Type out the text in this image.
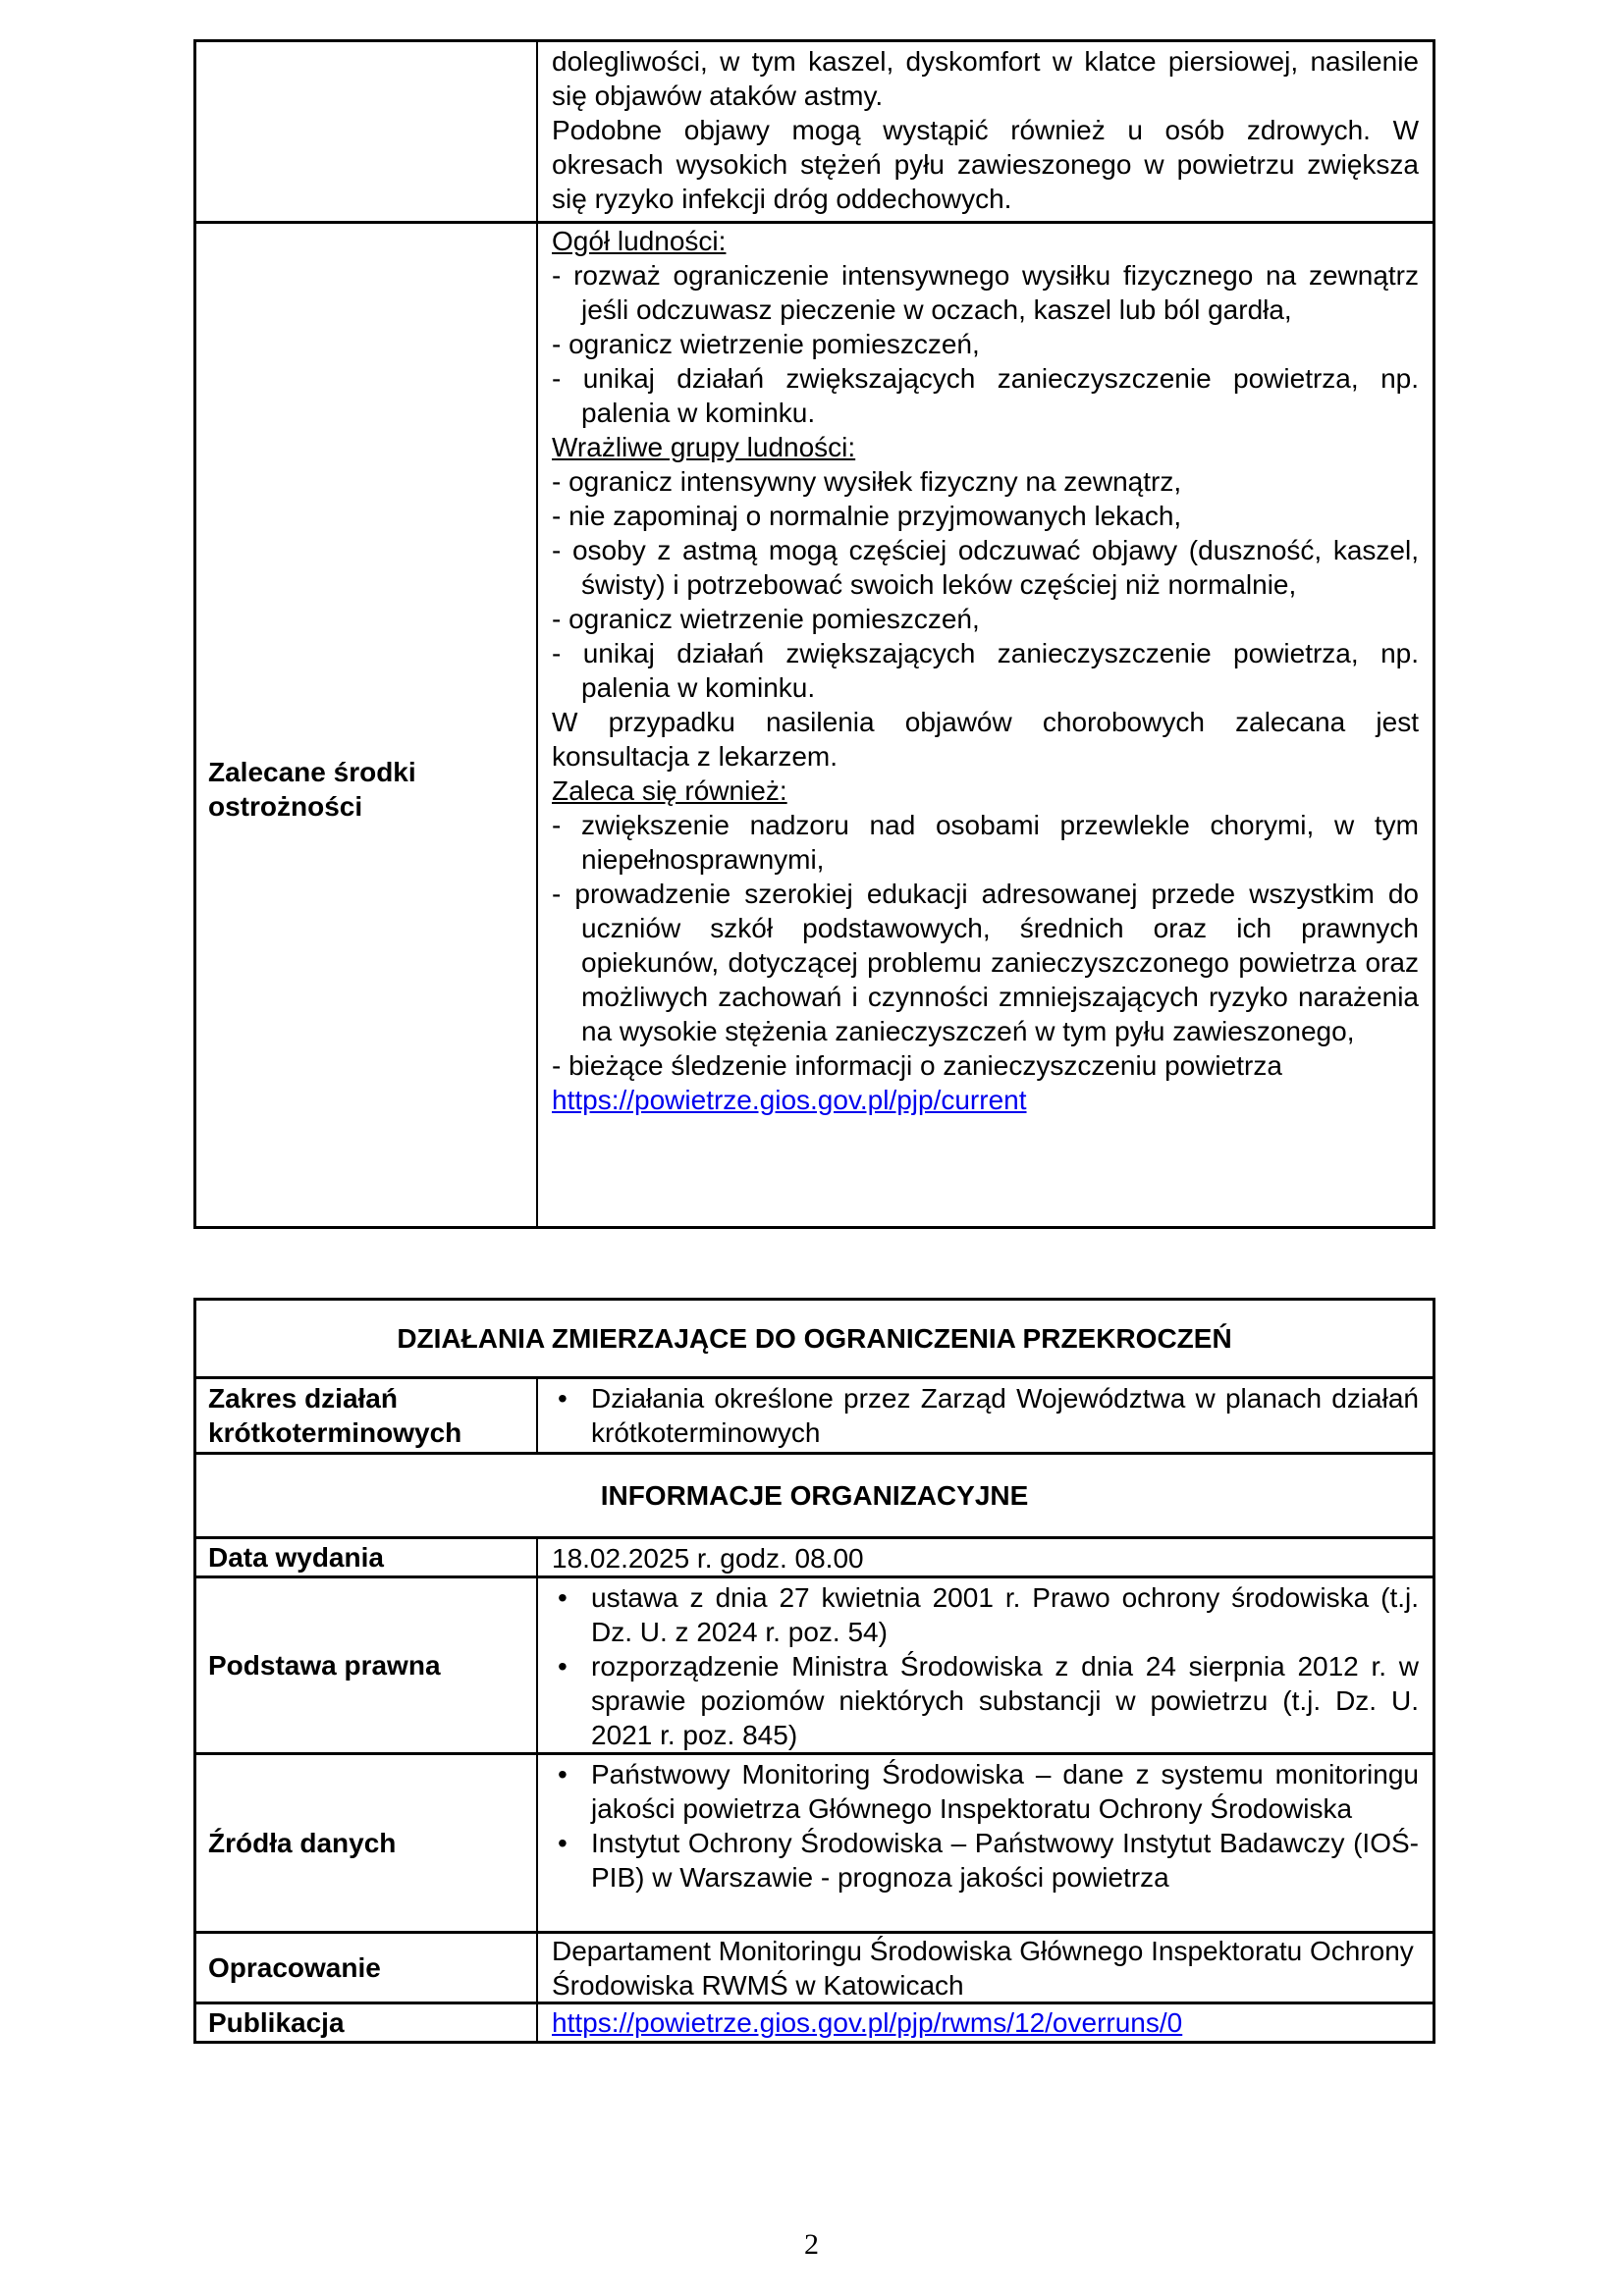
dolegliwości, w tym kaszel, dyskomfort w klatce piersiowej, nasilenie się objawów ataków astmy.

Podobne objawy mogą wystąpić również u osób zdrowych. W okresach wysokich stężeń pyłu zawieszonego w powietrzu zwiększa się ryzyko infekcji dróg oddechowych.

Zalecane środki ostrożności

Ogół ludności:

- rozważ ograniczenie intensywnego wysiłku fizycznego na zewnątrz jeśli odczuwasz pieczenie w oczach, kaszel lub ból gardła,

- ogranicz wietrzenie pomieszczeń,

- unikaj działań zwiększających zanieczyszczenie powietrza, np. palenia w kominku.

Wrażliwe grupy ludności:

- ogranicz intensywny wysiłek fizyczny na zewnątrz,

- nie zapominaj o normalnie przyjmowanych lekach,

- osoby z astmą mogą częściej odczuwać objawy (duszność, kaszel, świsty) i potrzebować swoich leków częściej niż normalnie,

- ogranicz wietrzenie pomieszczeń,

- unikaj działań zwiększających zanieczyszczenie powietrza, np. palenia w kominku.

W przypadku nasilenia objawów chorobowych zalecana jest konsultacja z lekarzem.

Zaleca się również:

- zwiększenie nadzoru nad osobami przewlekle chorymi, w tym niepełnosprawnymi,

- prowadzenie szerokiej edukacji adresowanej przede wszystkim do uczniów szkół podstawowych, średnich oraz ich prawnych opiekunów, dotyczącej problemu zanieczyszczonego powietrza oraz możliwych zachowań i czynności zmniejszających ryzyko narażenia na wysokie stężenia zanieczyszczeń w tym pyłu zawieszonego,

- bieżące śledzenie informacji o zanieczyszczeniu powietrza

https://powietrze.gios.gov.pl/pjp/current

DZIAŁANIA ZMIERZAJĄCE DO OGRANICZENIA PRZEKROCZEŃ
Zakres działań krótkoterminowych
• Działania określone przez Zarząd Województwa w planach działań krótkoterminowych
INFORMACJE ORGANIZACYJNE
Data wydania	18.02.2025 r. godz. 08.00
Podstawa prawna
• ustawa z dnia 27 kwietnia 2001 r. Prawo ochrony środowiska (t.j. Dz. U. z 2024 r. poz. 54)
• rozporządzenie Ministra Środowiska z dnia 24 sierpnia 2012 r. w sprawie poziomów niektórych substancji w powietrzu (t.j. Dz. U. 2021 r. poz. 845)
Źródła danych
• Państwowy Monitoring Środowiska – dane z systemu monitoringu jakości powietrza Głównego Inspektoratu Ochrony Środowiska
• Instytut Ochrony Środowiska – Państwowy Instytut Badawczy (IOŚ-PIB) w Warszawie - prognoza jakości powietrza
Opracowanie
Departament Monitoringu Środowiska Głównego Inspektoratu Ochrony Środowiska RWMŚ w Katowicach
Publikacja	https://powietrze.gios.gov.pl/pjp/rwms/12/overruns/0
2
